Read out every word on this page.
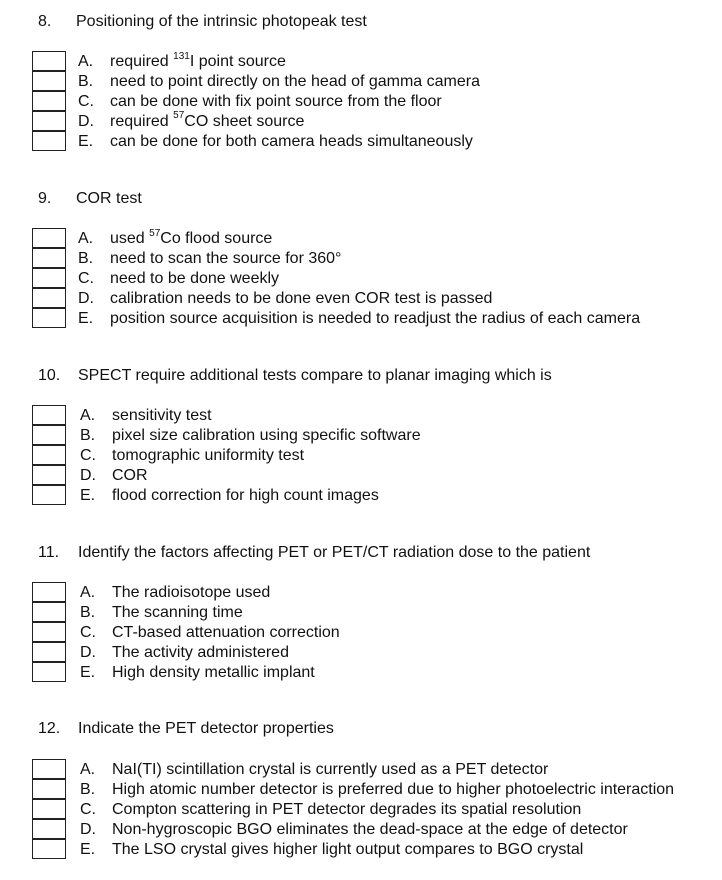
8. Positioning of the intrinsic photopeak test
A. required $^{131}$I point source
B. need to point directly on the head of gamma camera
C. can be done with fix point source from the floor
D. required $^{57}$CO sheet source
E. can be done for both camera heads simultaneously
9. COR test
A. used $^{57}$Co flood source
B. need to scan the source for 360°
C. need to be done weekly
D. calibration needs to be done even COR test is passed
E. position source acquisition is needed to readjust the radius of each camera
10. SPECT require additional tests compare to planar imaging which is
A. sensitivity test
B. pixel size calibration using specific software
C. tomographic uniformity test
D. COR
E. flood correction for high count images
11. Identify the factors affecting PET or PET/CT radiation dose to the patient
A. The radioisotope used
B. The scanning time
C. CT-based attenuation correction
D. The activity administered
E. High density metallic implant
12. Indicate the PET detector properties
A. NaI(TI) scintillation crystal is currently used as a PET detector
B. High atomic number detector is preferred due to higher photoelectric interaction
C. Compton scattering in PET detector degrades its spatial resolution
D. Non-hygroscopic BGO eliminates the dead-space at the edge of detector
E. The LSO crystal gives higher light output compares to BGO crystal
